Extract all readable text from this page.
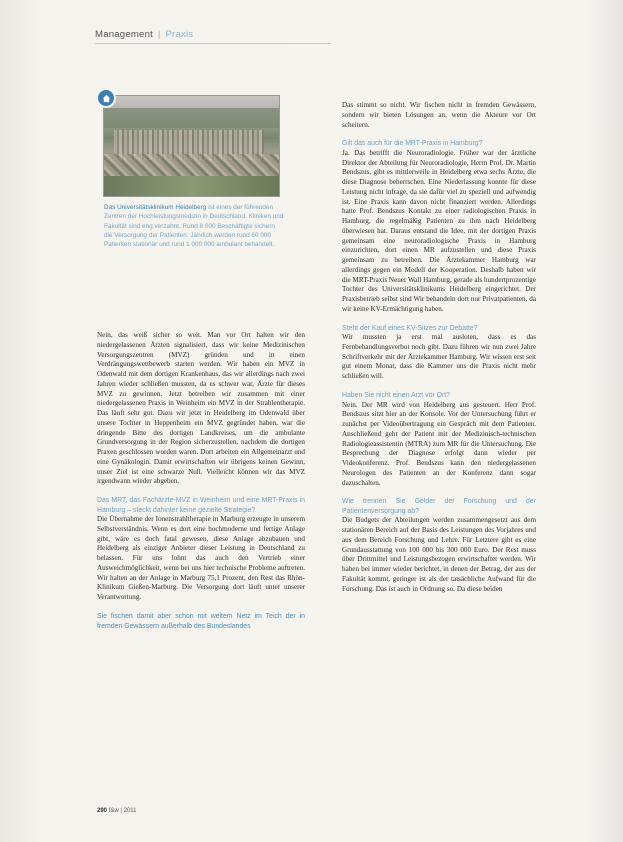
Management | Praxis
Das Universitätsklinikum Heidelberg ist eines der führenden Zentren der Hochleistungsmedizin in Deutschland. Kliniken und Fakultät sind eng verzahnt. Rund 8 000 Beschäftigte sichern die Versorgung der Patienten. Jährlich werden rund 60 000 Patienten stationär und rund 1 000 000 ambulant behandelt.

Nein, das weiß sicher so weit. Man vor Ort halten wir den niedergelassenen Ärzten signalisiert, dass wir keine Medizinischen Versorgungszentren (MVZ) gründen und in einen Verdrängungswettbewerb starten werden. Wir haben ein MVZ in Odenwald mit dem dortigen Krankenhaus, das wir allerdings nach zwei Jahren wieder schließen mussten, da es schwer war, Ärzte für dieses MVZ zu gewinnen. Jetzt betreiben wir zusammen mit einer niedergelassenen Praxis in Weinheim ein MVZ in der Strahlentherapie. Das läuft sehr gut. Dazu wir jetzt in Heidelberg im Odenwald über unsere Tochter in Heppenheim ein MVZ gegründet haben, war die dringende Bitte des dortigen Landkreises, um die ambulante Grundversorgung in der Region sicherzustellen, nachdem die dortigen Praxen geschlossen worden waren. Dort arbeiten ein Allgemeinarzt und eine Gynäkologin. Damit erwirtschaften wir übrigens keinen Gewinn, unser Ziel ist eine schwarze Null. Vielleicht können wir das MVZ irgendwann wieder abgeben.

Das MRT, das Fachärzte-MVZ in Weinheim und eine MRT-Praxis in Hamburg – steckt dahinter keine gezielte Strategie?

Die Übernahme der Ionenstrahltherapie in Marburg erzeugte in unserem Selbstverständnis. Wenn es dort eine hochmoderne und fertige Anlage gibt, wäre es doch fatal gewesen, diese Anlage abzubauen und Heidelberg als einziger Anbieter dieser Leistung in Deutschland zu belassen. Für uns lohnt das auch den Vertrieb einer Ausweichmöglichkeit, wenn bei uns hier technische Probleme auftreten. Wir halten an der Anlage in Marburg 75,1 Prozent, den Rest das Rhön-Klinikum Gießen-Marburg. Die Versorgung dort läuft unter unserer Verantwortung.

Sie fischen damit aber schon mit weitem Netz im Teich der in fremden Gewässern außerhalb des Bundeslandes

Das stimmt so nicht. Wir fischen nicht in fremden Gewässern, sondern wir bieten Lösungen an, wenn die Akteure vor Ort scheitern.

Gilt das auch für die MRT-Praxis in Hamburg?

Ja. Das betrifft die Neuroradiologie. Früher war der ärztliche Direktor der Abteilung für Neuroradiologie, Herrn Prof. Dr. Martin Bendszus, gibt es mittlerweile in Heidelberg etwa sechs Ärzte, die diese Diagnose beherrschen. Eine Niederlassung konnte für diese Leistung nicht infrage, da sie dafür viel zu speziell und aufwendig ist. Eine Praxis kann davon nicht finanziert werden. Allerdings hatte Prof. Bendszus Kontakt zu einer radiologischen Praxis in Hamburg, die regelmäßig Patienten zu ihm nach Heidelberg überwiesen hat. Daraus entstand die Idee, mit der dortigen Praxis gemeinsam eine neuroradiologische Praxis in Hamburg einzurichten, dort einen MR aufzustellen und diese Praxis gemeinsam zu betreiben. Die Ärztekammer Hamburg war allerdings gegen ein Modell der Kooperation. Deshalb haben wir die MRT-Praxis Neuer Wall Hamburg, gerade als hundertprozentige Tochter des Universitätsklinikums Heidelberg eingerichtet. Der Praxisbetrieb selbst sind Wir behandeln dort nur Privatpatienten, da wir keine KV-Ermächtigung haben.

Steht der Kauf eines KV-Sitzes zur Debatte?

Wir mussten ja erst mal ausloten, dass es das Fernbehandlungsverbot noch gibt. Dazu führen wir nun zwei Jahre Schriftverkehr mit der Ärztekammer Hamburg. Wir wissen erst seit gut einem Monat, dass die Kammer uns die Praxis nicht mehr schließen will.

Haben Sie nicht einen Arzt vor Ort?

Nein. Der MR wird von Heidelberg aus gesteuert. Herr Prof. Bendszus sitzt hier an der Konsole. Vor der Untersuchung führt er zunächst per Videoübertragung ein Gespräch mit dem Patienten. Anschließend geht der Patient mit der Medizinisch-technischen Radiologieassistentin (MTRA) zum MR für die Untersuchung. Die Besprechung der Diagnose erfolgt dann wieder per Videokonferenz. Prof. Bendszus kann den niedergelassenen Neurologen des Patienten an der Konferenz dann sogar dazuschalten.

Wie trennen Sie Gelder der Forschung und der Patientenversorgung ab?

Die Budgets der Abteilungen werden zusammengesetzt aus dem stationären Bereich auf der Basis des Leistungen des Vorjahres und aus dem Bereich Forschung und Lehre. Für Letztere gibt es eine Grundausstattung von 100 000 bis 300 000 Euro. Der Rest muss über Drittmittel und Leistungsbezogen erwirtschaftet werden. Wir haben bei immer wieder berichtet, in denen der Betrag, der aus der Fakultät kommt, geringer ist als der tatsächliche Aufwand für die Forschung. Das ist auch in Ordnung so. Da diese beiden

290 f&w | 2011
